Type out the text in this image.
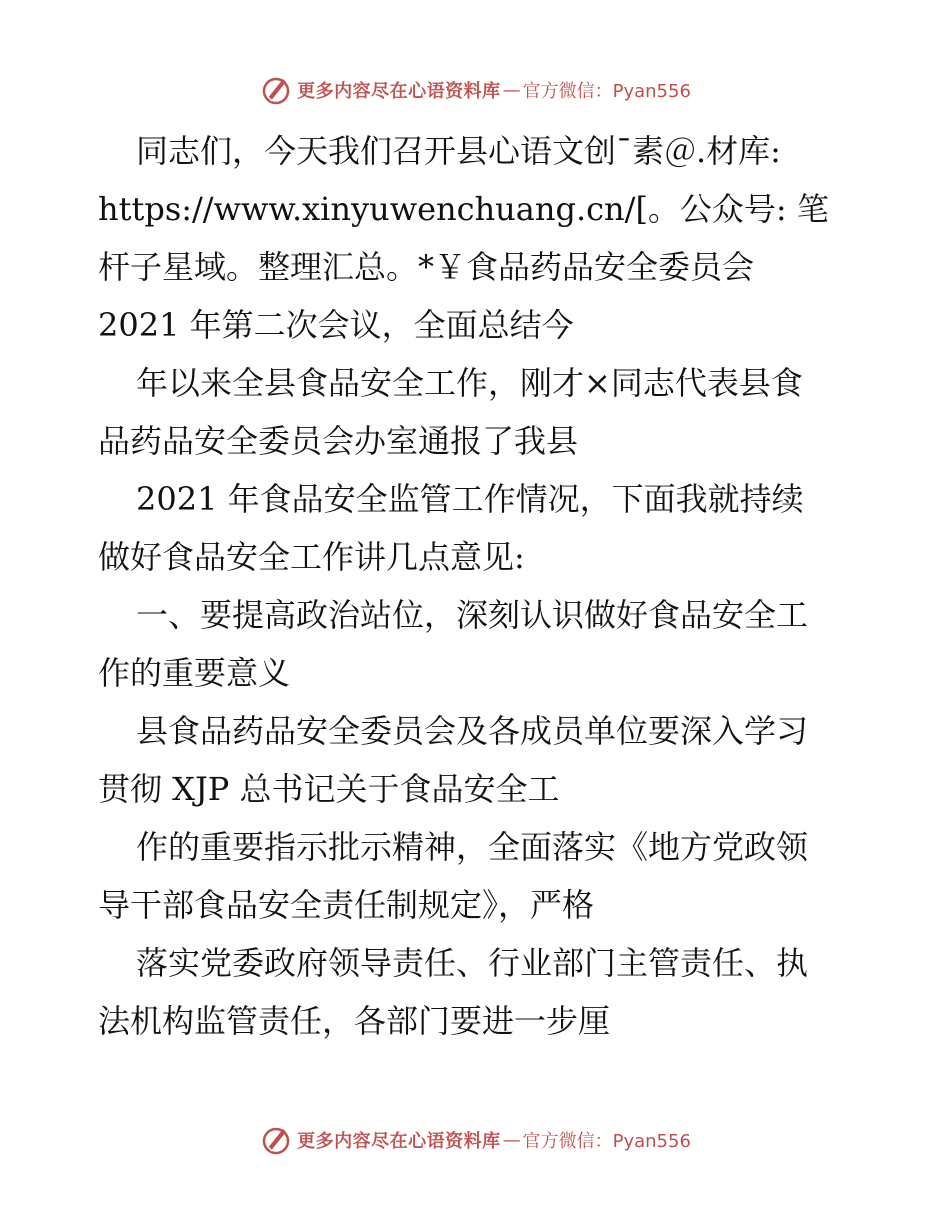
更多内容尽在心语资料库 — 官方微信：Pyan556
同志们，今天我们召开县心语文创¯素＠.材库:
https://www.xinyuwenchuang.cn/[。公众号: 笔
杆子星域。整理汇总。*￥食品药品安全委员会
2021 年第二次会议，全面总结今
年以来全县食品安全工作，刚才×同志代表县食
品药品安全委员会办室通报了我县
2021 年食品安全监管工作情况，下面我就持续
做好食品安全工作讲几点意见:
一、要提高政治站位，深刻认识做好食品安全工
作的重要意义
县食品药品安全委员会及各成员单位要深入学习
贯彻 XJP 总书记关于食品安全工
作的重要指示批示精神，全面落实《地方党政领
导干部食品安全责任制规定》，严格
落实党委政府领导责任、行业部门主管责任、执
法机构监管责任，各部门要进一步厘
更多内容尽在心语资料库 — 官方微信：Pyan556
